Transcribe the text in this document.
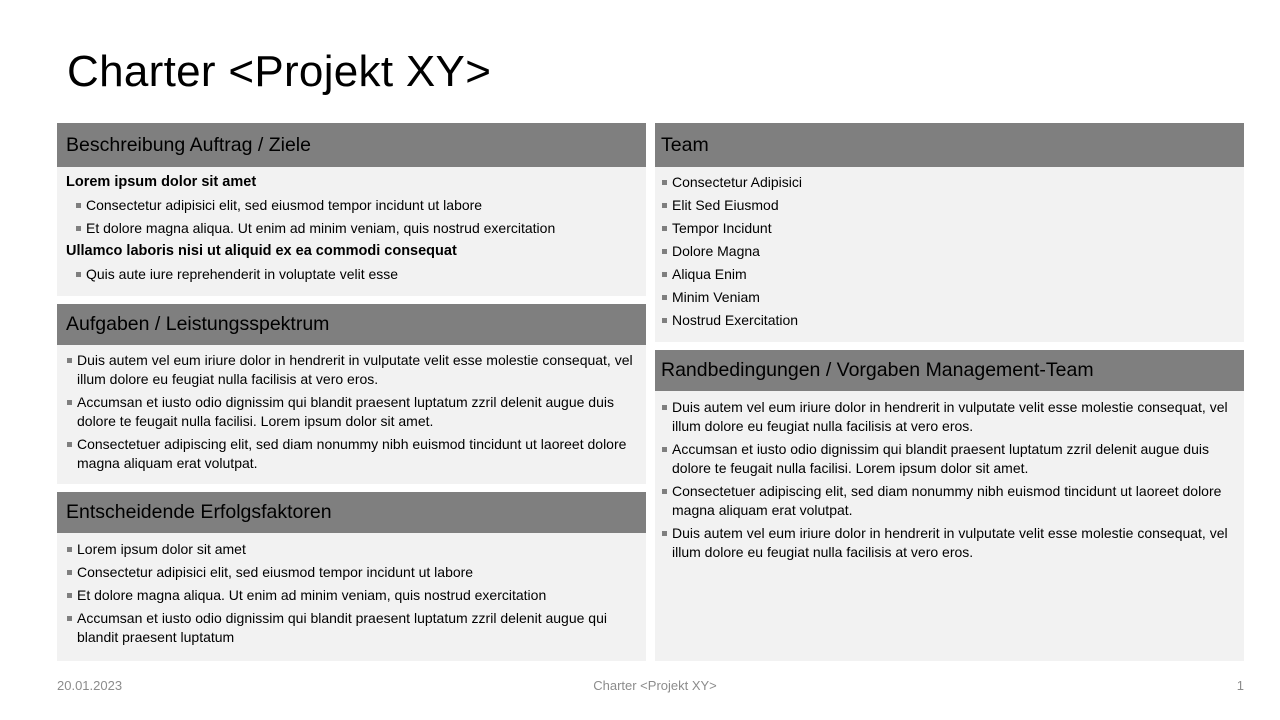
Charter <Projekt XY>
Beschreibung Auftrag / Ziele
Lorem ipsum dolor sit amet
Consectetur adipisici elit, sed eiusmod tempor incidunt ut labore
Et dolore magna aliqua. Ut enim ad minim veniam, quis nostrud exercitation
Ullamco laboris nisi ut aliquid ex ea commodi consequat
Quis aute iure reprehenderit in voluptate velit esse
Aufgaben / Leistungsspektrum
Duis autem vel eum iriure dolor in hendrerit in vulputate velit esse molestie consequat, vel illum dolore eu feugiat nulla facilisis at vero eros.
Accumsan et iusto odio dignissim qui blandit praesent luptatum zzril delenit augue duis dolore te feugait nulla facilisi. Lorem ipsum dolor sit amet.
Consectetuer adipiscing elit, sed diam nonummy nibh euismod tincidunt ut laoreet dolore magna aliquam erat volutpat.
Entscheidende Erfolgsfaktoren
Lorem ipsum dolor sit amet
Consectetur adipisici elit, sed eiusmod tempor incidunt ut labore
Et dolore magna aliqua. Ut enim ad minim veniam, quis nostrud exercitation
Accumsan et iusto odio dignissim qui blandit praesent luptatum zzril delenit augue qui blandit praesent luptatum
Team
Consectetur Adipisici
Elit Sed Eiusmod
Tempor Incidunt
Dolore Magna
Aliqua Enim
Minim Veniam
Nostrud Exercitation
Randbedingungen / Vorgaben Management-Team
Duis autem vel eum iriure dolor in hendrerit in vulputate velit esse molestie consequat, vel illum dolore eu feugiat nulla facilisis at vero eros.
Accumsan et iusto odio dignissim qui blandit praesent luptatum zzril delenit augue duis dolore te feugait nulla facilisi. Lorem ipsum dolor sit amet.
Consectetuer adipiscing elit, sed diam nonummy nibh euismod tincidunt ut laoreet dolore magna aliquam erat volutpat.
Duis autem vel eum iriure dolor in hendrerit in vulputate velit esse molestie consequat, vel illum dolore eu feugiat nulla facilisis at vero eros.
20.01.2023	Charter <Projekt XY>	1
